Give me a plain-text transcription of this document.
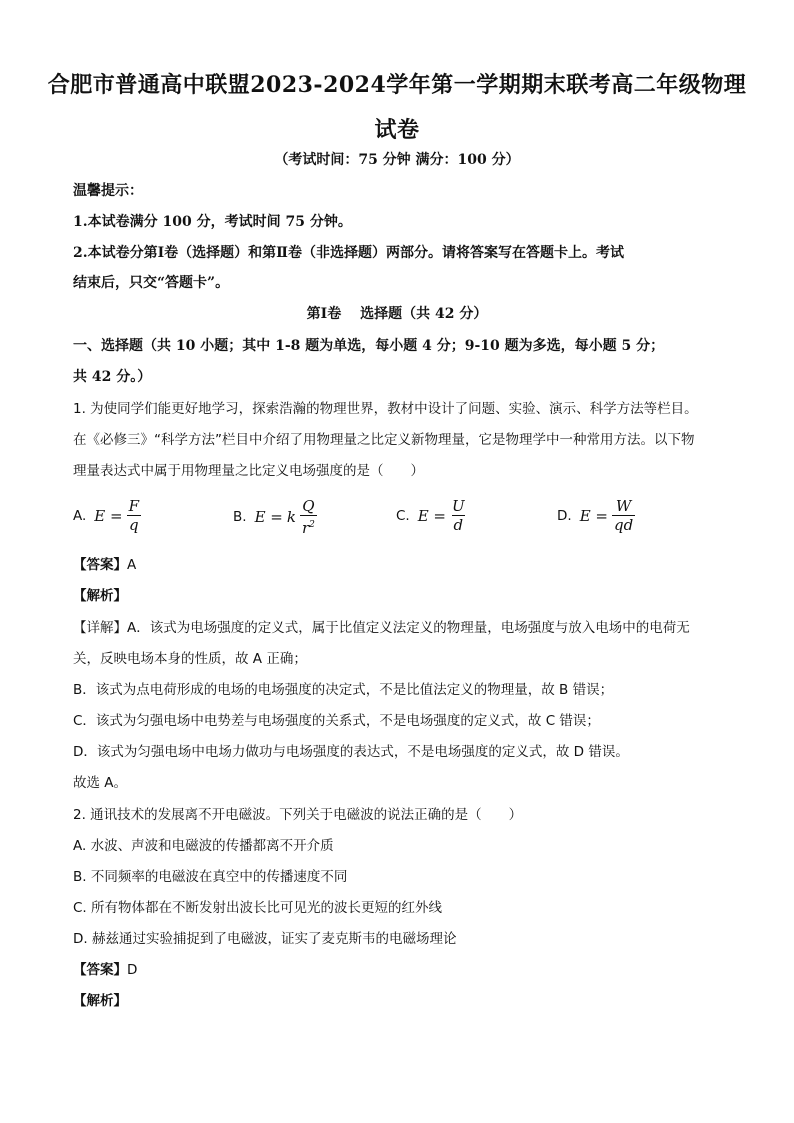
合肥市普通高中联盟2023-2024学年第一学期期末联考高二年级物理
试卷
（考试时间：75 分钟 满分：100 分）
温馨提示：
1.本试卷满分 100 分，考试时间 75 分钟。
2.本试卷分第Ⅰ卷（选择题）和第Ⅱ卷（非选择题）两部分。请将答案写在答题卡上。考试
结束后，只交“答题卡”。
第Ⅰ卷　 选择题（共 42 分）
一、选择题（共 10 小题；其中 1-8 题为单选，每小题 4 分；9-10 题为多选，每小题 5 分；
共 42 分。）
1. 为使同学们能更好地学习，探索浩瀚的物理世界，教材中设计了问题、实验、演示、科学方法等栏目。
在《必修三》“科学方法”栏目中介绍了用物理量之比定义新物理量，它是物理学中一种常用方法。以下物
理量表达式中属于用物理量之比定义电场强度的是（　　）
A. $E = \frac{F}{q}$	B. E = k $\frac{Q}{r^2}$	C. $E = \frac{U}{d}$	D. $E = \frac{W}{qd}$
【答案】A
【解析】
【详解】A．该式为电场强度的定义式，属于比值定义法定义的物理量，电场强度与放入电场中的电荷无
关，反映电场本身的性质，故 A 正确；
B．该式为点电荷形成的电场的电场强度的决定式，不是比值法定义的物理量，故 B 错误；
C．该式为匀强电场中电势差与电场强度的关系式，不是电场强度的定义式，故 C 错误；
D．该式为匀强电场中电场力做功与电场强度的表达式，不是电场强度的定义式，故 D 错误。
故选 A。
2. 通讯技术的发展离不开电磁波。下列关于电磁波的说法正确的是（　　）
A. 水波、声波和电磁波的传播都离不开介质
B. 不同频率的电磁波在真空中的传播速度不同
C. 所有物体都在不断发射出波长比可见光的波长更短的红外线
D. 赫兹通过实验捕捉到了电磁波，证实了麦克斯韦的电磁场理论
【答案】D
【解析】
